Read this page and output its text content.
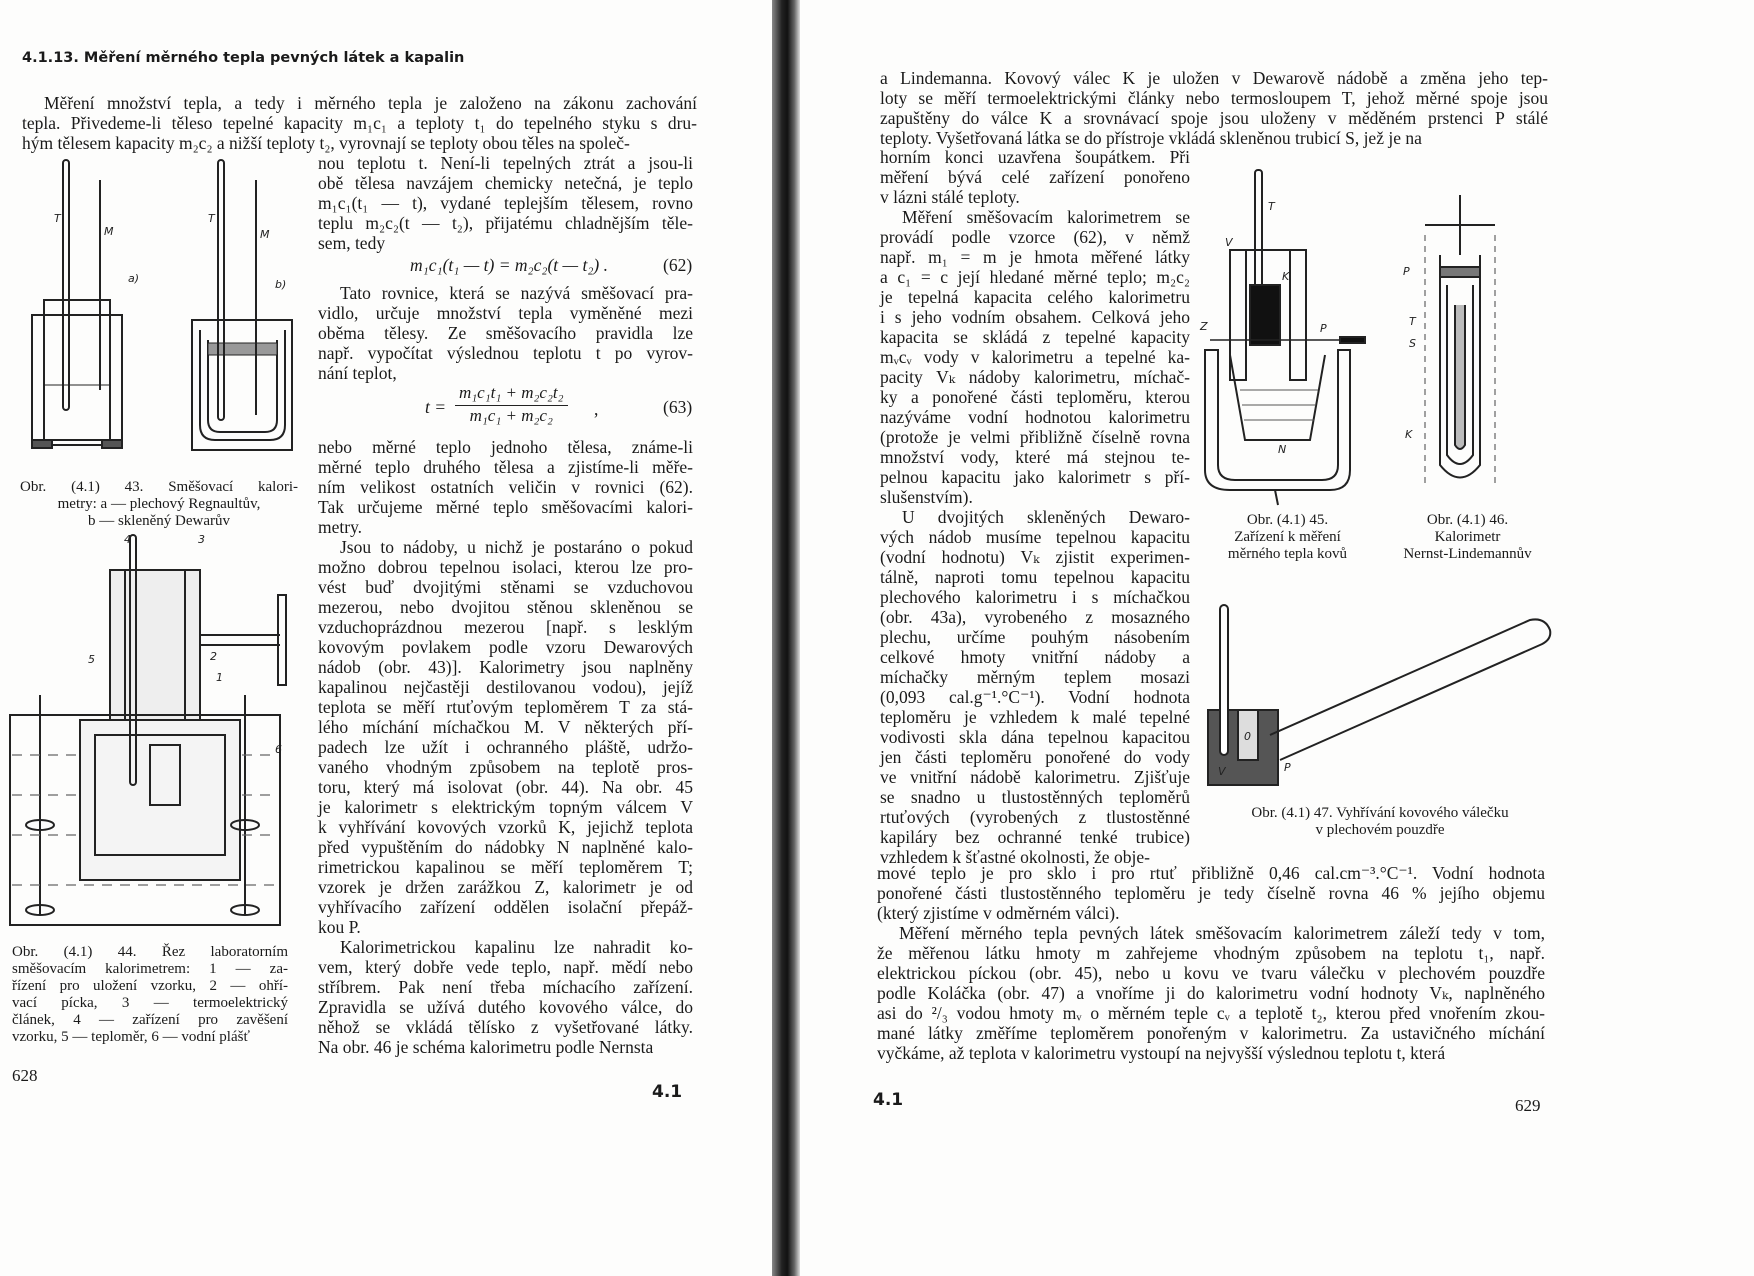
4.1.13. Měření měrného tepla pevných látek a kapalin
Měření množství tepla, a tedy i měrného tepla je založeno na zákonu zachování
tepla. Přivedeme-li těleso tepelné kapacity m₁c₁ a teploty t₁ do tepelného styku s dru-
hým tělesem kapacity m₂c₂ a nižší teploty t₂, vyrovnají se teploty obou těles na společ-
nou teplotu t. Není-li tepelných ztrát a jsou-li
obě tělesa navzájem chemicky netečná, je teplo
m₁c₁(t₁ — t), vydané teplejším tělesem, rovno
teplu m₂c₂(t — t₂), přijatému chladnějším těle-
sem, tedy
m₁c₁(t₁ — t) = m₂c₂(t — t₂) .	(62)
Tato rovnice, která se nazývá směšovací pra-
vidlo, určuje množství tepla vyměněné mezi
oběma tělesy. Ze směšovacího pravidla lze
např. vypočítat výslednou teplotu t po vyrov-
nání teplot,
$t = \frac{\text{m₁c₁t₁ + m₂c₂t₂}}{\text{m₁c₁ + m₂c₂}}$ ,	(63)
nebo měrné teplo jednoho tělesa, známe-li
měrné teplo druhého tělesa a zjistíme-li měře-
ním velikost ostatních veličin v rovnici (62).
Tak určujeme měrné teplo směšovacími kalori-
metry.
Jsou to nádoby, u nichž je postaráno o pokud
možno dobrou tepelnou isolaci, kterou lze pro-
vést buď dvojitými stěnami se vzduchovou
mezerou, nebo dvojitou stěnou skleněnou se
vzduchoprázdnou mezerou [např. s lesklým
kovovým povlakem podle vzoru Dewarových
nádob (obr. 43)]. Kalorimetry jsou naplněny
kapalinou nejčastěji destilovanou vodou), jejíž
teplota se měří rtuťovým teploměrem T za stá-
lého míchání míchačkou M. V některých pří-
padech lze užít i ochranného pláště, udržo-
vaného vhodným způsobem na teplotě pros-
toru, který má isolovat (obr. 44). Na obr. 45
je kalorimetr s elektrickým topným válcem V
k vyhřívání kovových vzorků K, jejichž teplota
před vypuštěním do nádobky N naplněné kalo-
rimetrickou kapalinou se měří teploměrem T;
vzorek je držen zarážkou Z, kalorimetr je od
vyhřívacího zařízení oddělen isolační přepáž-
kou P.
Kalorimetrickou kapalinu lze nahradit ko-
vem, který dobře vede teplo, např. mědí nebo
stříbrem. Pak není třeba míchacího zařízení.
Zpravidla se užívá dutého kovového válce, do
něhož se vkládá tělísko z vyšetřované látky.
Na obr. 46 je schéma kalorimetru podle Nernsta
Obr. (4.1) 43. Směšovací kalori-
metry: a — plechový Regnaultův,
b — skleněný Dewarův
Obr. (4.1) 44. Řez laboratorním
směšovacím kalorimetrem: 1 — za-
řízení pro uložení vzorku, 2 — ohří-
vací pícka, 3 — termoelektrický
článek, 4 — zařízení pro zavěšení
vzorku, 5 — teploměr, 6 — vodní plášť
628
4.1
T
M
a)
T
M
b)
4	3
5	2
1
6
a Lindemanna. Kovový válec K je uložen v Dewarově nádobě a změna jeho tep-
loty se měří termoelektrickými články nebo termosloupem T, jehož měrné spoje jsou
zapuštěny do válce K a srovnávací spoje jsou uloženy v měděném prstenci P stálé
teploty. Vyšetřovaná látka se do přístroje vkládá skleněnou trubicí S, jež je na
horním konci uzavřena šoupátkem. Při
měření bývá celé zařízení ponořeno
v lázni stálé teploty.
Měření směšovacím kalorimetrem se
provádí podle vzorce (62), v němž
např. m₁ = m je hmota měřené látky
a c₁ = c její hledané měrné teplo; m₂c₂
je tepelná kapacita celého kalorimetru
i s jeho vodním obsahem. Celková jeho
kapacita se skládá z tepelné kapacity
mᵥcᵥ vody v kalorimetru a tepelné ka-
pacity Vₖ nádoby kalorimetru, míchač-
ky a ponořené části teploměru, kterou
nazýváme vodní hodnotou kalorimetru
(protože je velmi přibližně číselně rovna
množství vody, které má stejnou te-
pelnou kapacitu jako kalorimetr s pří-
slušenstvím).
U dvojitých skleněných Dewaro-
vých nádob musíme tepelnou kapacitu
(vodní hodnotu) Vₖ zjistit experimen-
tálně, naproti tomu tepelnou kapacitu
plechového kalorimetru i s míchačkou
(obr. 43a), vyrobeného z mosazného
plechu, určíme pouhým násobením
celkové hmoty vnitřní nádoby a
míchačky měrným teplem mosazi
(0,093 cal.g⁻¹.°C⁻¹). Vodní hodnota
teploměru je vzhledem k malé tepelné
vodivosti skla dána tepelnou kapacitou
jen části teploměru ponořené do vody
ve vnitřní nádobě kalorimetru. Zjišťuje
se snadno u tlustostěnných teploměrů
rtuťových (vyrobených z tlustostěnné
kapiláry bez ochranné tenké trubice)
vzhledem k šťastné okolnosti, že obje-
mové teplo je pro sklo i pro rtuť přibližně 0,46 cal.cm⁻³.°C⁻¹. Vodní hodnota
ponořené části tlustostěnného teploměru je tedy číselně rovna 46 % jejího objemu
(který zjistíme v odměrném válci).
Měření měrného tepla pevných látek směšovacím kalorimetrem záleží tedy v tom,
že měřenou látku hmoty m zahřejeme vhodným způsobem na teplotu t₁, např.
elektrickou píckou (obr. 45), nebo u kovu ve tvaru válečku v plechovém pouzdře
podle Koláčka (obr. 47) a vnoříme ji do kalorimetru vodní hodnoty Vₖ, naplněného
asi do ²/₃ vodou hmoty mᵥ o měrném teple cᵥ a teplotě t₂, kterou před vnořením zkou-
mané látky změříme teploměrem ponořeným v kalorimetru. Za ustavičného míchání
vyčkáme, až teplota v kalorimetru vystoupí na nejvyšší výslednou teplotu t, která
Obr. (4.1) 45.
Zařízení k měření
měrného tepla kovů
Obr. (4.1) 46.
Kalorimetr
Nernst-Lindemannův
Obr. (4.1) 47. Vyhřívání kovového válečku
v plechovém pouzdře
4.1	629
T
V
K
Z	P
N
P
T
S
K
V
0
P
